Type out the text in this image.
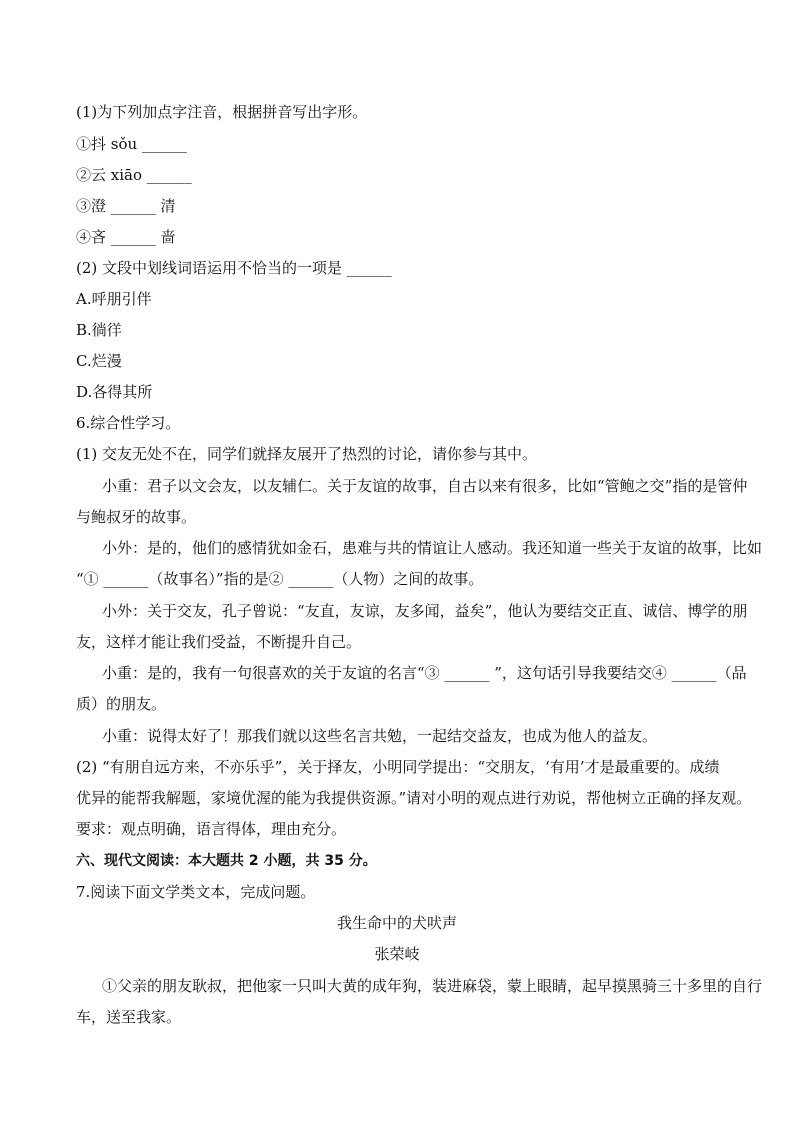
(1)为下列加点字注音，根据拼音写出字形。
①抖 sǒu ______
②云 xiāo ______
③澄 ______ 清
④吝 ______ 啬
(2) 文段中划线词语运用不恰当的一项是 ______
A.呼朋引伴
B.徜徉
C.烂漫
D.各得其所
6.综合性学习。
(1) 交友无处不在，同学们就择友展开了热烈的讨论，请你参与其中。
小重：君子以文会友，以友辅仁。关于友谊的故事，自古以来有很多，比如“管鲍之交”指的是管仲
与鲍叔牙的故事。
小外：是的，他们的感情犹如金石，患难与共的情谊让人感动。我还知道一些关于友谊的故事，比如
“① ______（故事名）”指的是② ______（人物）之间的故事。
小外：关于交友，孔子曾说：“友直，友谅，友多闻，益矣”，他认为要结交正直、诚信、博学的朋
友，这样才能让我们受益，不断提升自己。
小重：是的，我有一句很喜欢的关于友谊的名言“③ ______ ”，这句话引导我要结交④ ______（品
质）的朋友。
小重：说得太好了！那我们就以这些名言共勉，一起结交益友，也成为他人的益友。
(2) “有朋自远方来，不亦乐乎”，关于择友，小明同学提出：“交朋友，‘有用’才是最重要的。成绩
优异的能帮我解题，家境优渥的能为我提供资源。”请对小明的观点进行劝说，帮他树立正确的择友观。
要求：观点明确，语言得体，理由充分。
六、现代文阅读：本大题共 2 小题，共 35 分。
7.阅读下面文学类文本，完成问题。
我生命中的犬吠声
张荣岐
①父亲的朋友耿叔，把他家一只叫大黄的成年狗，装进麻袋，蒙上眼睛，起早摸黑骑三十多里的自行
车，送至我家。
